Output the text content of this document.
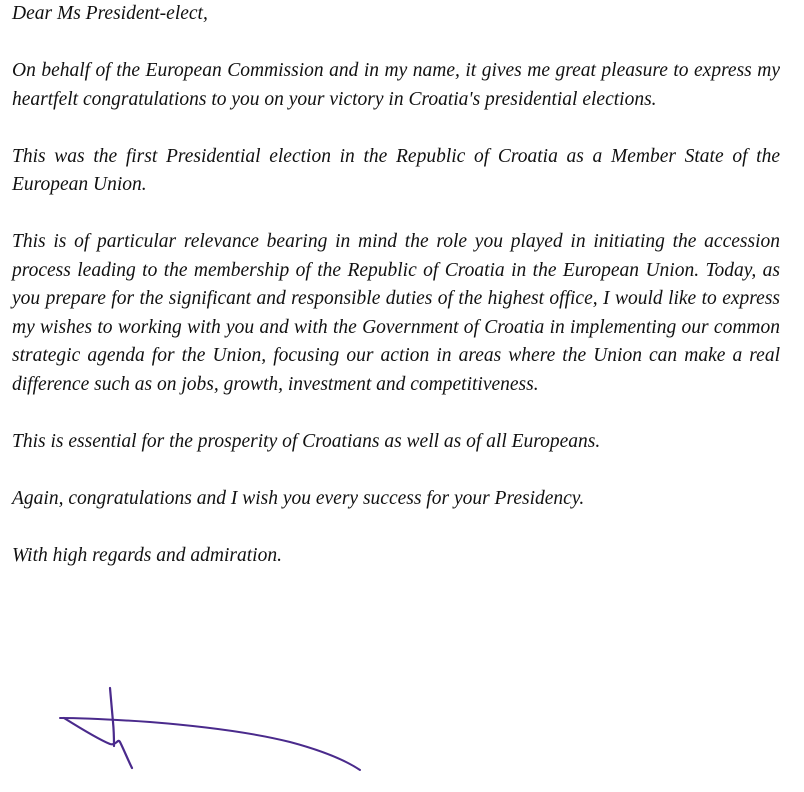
Dear Ms President-elect,

On behalf of the European Commission and in my name, it gives me great pleasure to express my heartfelt congratulations to you on your victory in Croatia's presidential elections.

This was the first Presidential election in the Republic of Croatia as a Member State of the European Union.

This is of particular relevance bearing in mind the role you played in initiating the accession process leading to the membership of the Republic of Croatia in the European Union. Today, as you prepare for the significant and responsible duties of the highest office, I would like to express my wishes to working with you and with the Government of Croatia in implementing our common strategic agenda for the Union, focusing our action in areas where the Union can make a real difference such as on jobs, growth, investment and competitiveness.

This is essential for the prosperity of Croatians as well as of all Europeans.

Again, congratulations and I wish you every success for your Presidency.

With high regards and admiration.
